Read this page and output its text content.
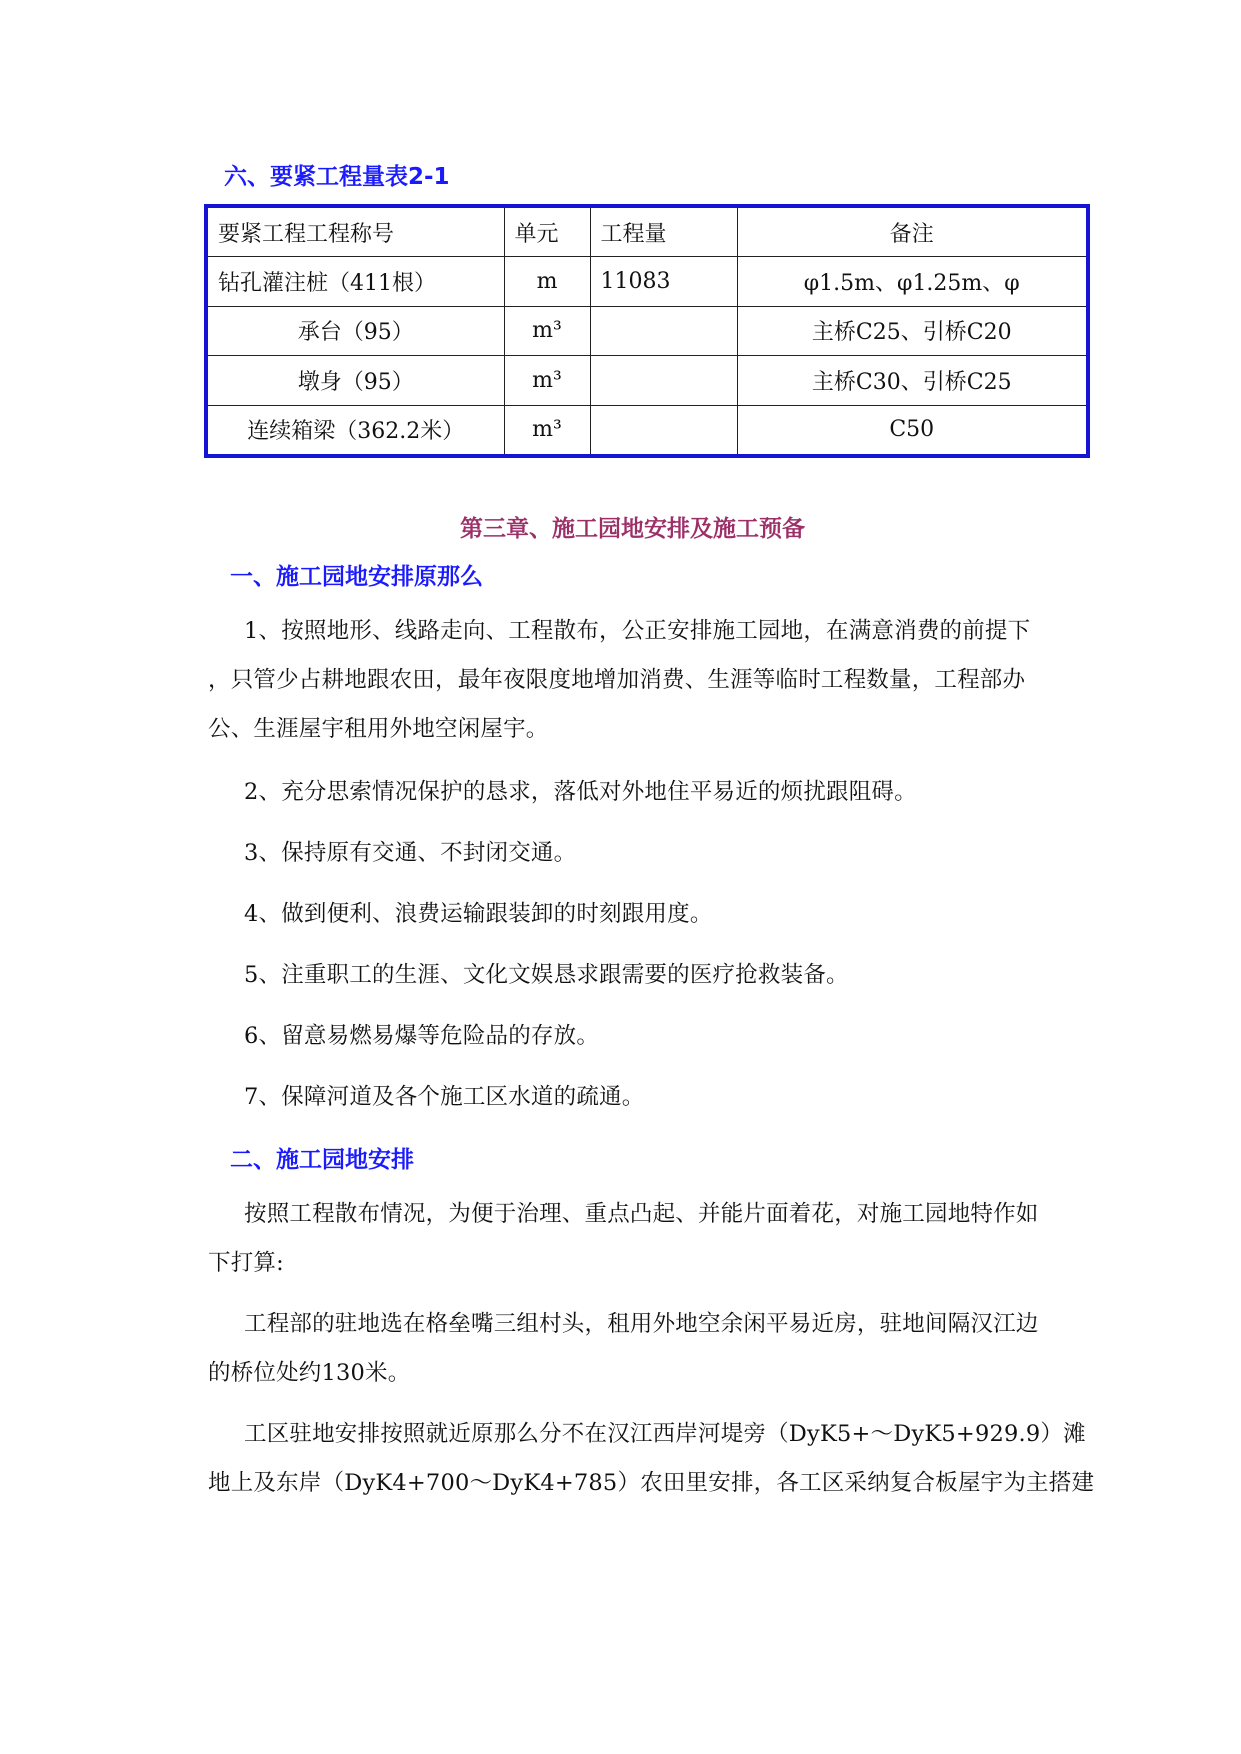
六、要紧工程量表2-1
要紧工程工程称号	单元	工程量	备注
钻孔灌注桩（411根）	m	11083	φ1.5m、φ1.25m、φ
承台（95）	m³		主桥C25、引桥C20
墩身（95）	m³		主桥C30、引桥C25
连续箱梁（362.2米）	m³		C50
第三章、施工园地安排及施工预备
一、施工园地安排原那么
1、按照地形、线路走向、工程散布，公正安排施工园地，在满意消费的前提下
，只管少占耕地跟农田，最年夜限度地增加消费、生涯等临时工程数量，工程部办
公、生涯屋宇租用外地空闲屋宇。
2、充分思索情况保护的恳求，落低对外地住平易近的烦扰跟阻碍。
3、保持原有交通、不封闭交通。
4、做到便利、浪费运输跟装卸的时刻跟用度。
5、注重职工的生涯、文化文娱恳求跟需要的医疗抢救装备。
6、留意易燃易爆等危险品的存放。
7、保障河道及各个施工区水道的疏通。
二、施工园地安排
按照工程散布情况，为便于治理、重点凸起、并能片面着花，对施工园地特作如
下打算:
工程部的驻地选在格垒嘴三组村头，租用外地空余闲平易近房，驻地间隔汉江边
的桥位处约130米。
工区驻地安排按照就近原那么分不在汉江西岸河堤旁（DyK5+～DyK5+929.9）滩
地上及东岸（DyK4+700～DyK4+785）农田里安排，各工区采纳复合板屋宇为主搭建
